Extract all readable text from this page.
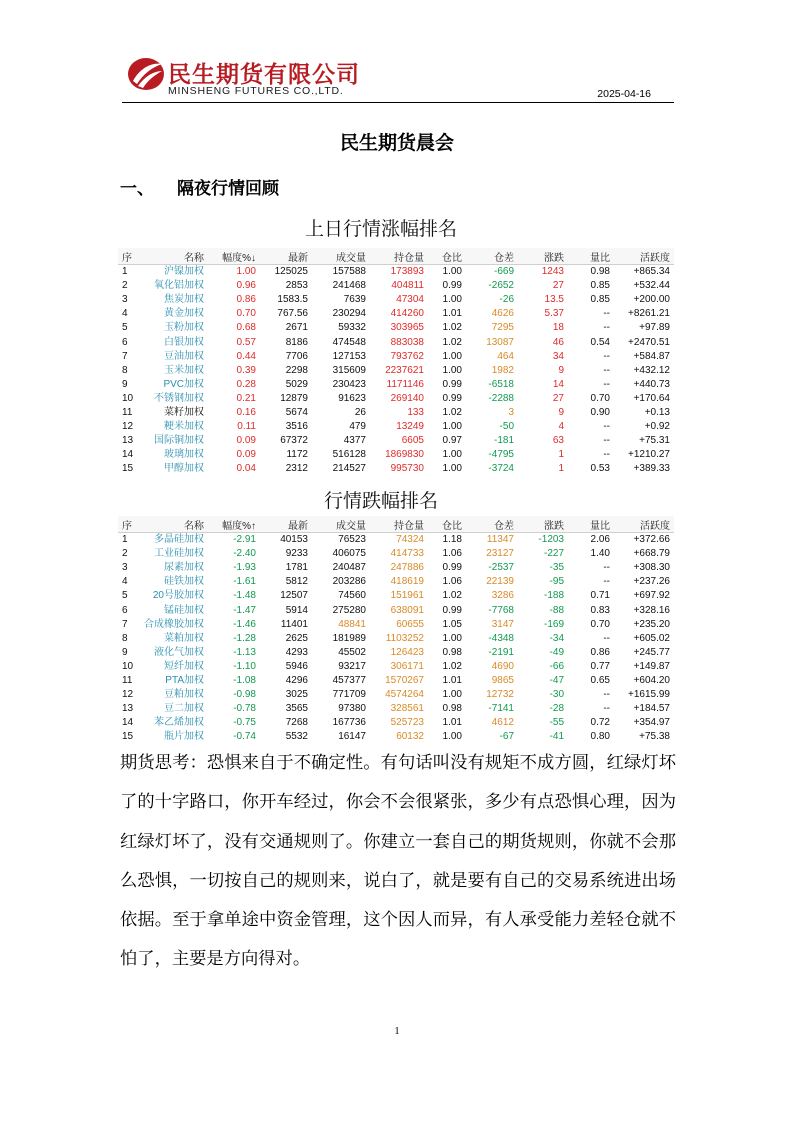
民生期货有限公司
MINSHENG FUTURES CO.,LTD.	2025-04-16
民生期货晨会
一、 隔夜行情回顾
上日行情涨幅排名
序	名称	幅度%↓	最新	成交量	持仓量	仓比	仓差	涨跌	量比	活跃度
1	沪镍加权	1.00	125025	157588	173893	1.00	-669	1243	0.98	+865.34
2	氧化铝加权	0.96	2853	241468	404811	0.99	-2652	27	0.85	+532.44
3	焦炭加权	0.86	1583.5	7639	47304	1.00	-26	13.5	0.85	+200.00
4	黄金加权	0.70	767.56	230294	414260	1.01	4626	5.37	--	+8261.21
5	玉粉加权	0.68	2671	59332	303965	1.02	7295	18	--	+97.89
6	白银加权	0.57	8186	474548	883038	1.02	13087	46	0.54	+2470.51
7	豆油加权	0.44	7706	127153	793762	1.00	464	34	--	+584.87
8	玉米加权	0.39	2298	315609	2237621	1.00	1982	9	--	+432.12
9	PVC加权	0.28	5029	230423	1171146	0.99	-6518	14	--	+440.73
10	不锈钢加权	0.21	12879	91623	269140	0.99	-2288	27	0.70	+170.64
11	菜籽加权	0.16	5674	26	133	1.02	3	9	0.90	+0.13
12	粳米加权	0.11	3516	479	13249	1.00	-50	4	--	+0.92
13	国际铜加权	0.09	67372	4377	6605	0.97	-181	63	--	+75.31
14	玻璃加权	0.09	1172	516128	1869830	1.00	-4795	1	--	+1210.27
15	甲醇加权	0.04	2312	214527	995730	1.00	-3724	1	0.53	+389.33
行情跌幅排名
序	名称	幅度%↑	最新	成交量	持仓量	仓比	仓差	涨跌	量比	活跃度
1	多晶硅加权	-2.91	40153	76523	74324	1.18	11347	-1203	2.06	+372.66
2	工业硅加权	-2.40	9233	406075	414733	1.06	23127	-227	1.40	+668.79
3	尿素加权	-1.93	1781	240487	247886	0.99	-2537	-35	--	+308.30
4	硅铁加权	-1.61	5812	203286	418619	1.06	22139	-95	--	+237.26
5	20号胶加权	-1.48	12507	74560	151961	1.02	3286	-188	0.71	+697.92
6	锰硅加权	-1.47	5914	275280	638091	0.99	-7768	-88	0.83	+328.16
7	合成橡胶加权	-1.46	11401	48841	60655	1.05	3147	-169	0.70	+235.20
8	菜粕加权	-1.28	2625	181989	1103252	1.00	-4348	-34	--	+605.02
9	液化气加权	-1.13	4293	45502	126423	0.98	-2191	-49	0.86	+245.77
10	短纤加权	-1.10	5946	93217	306171	1.02	4690	-66	0.77	+149.87
11	PTA加权	-1.08	4296	457377	1570267	1.01	9865	-47	0.65	+604.20
12	豆粕加权	-0.98	3025	771709	4574264	1.00	12732	-30	--	+1615.99
13	豆二加权	-0.78	3565	97380	328561	0.98	-7141	-28	--	+184.57
14	苯乙烯加权	-0.75	7268	167736	525723	1.01	4612	-55	0.72	+354.97
15	瓶片加权	-0.74	5532	16147	60132	1.00	-67	-41	0.80	+75.38
期货思考：恐惧来自于不确定性。有句话叫没有规矩不成方圆，红绿灯坏了的十字路口，你开车经过，你会不会很紧张，多少有点恐惧心理，因为红绿灯坏了，没有交通规则了。你建立一套自己的期货规则，你就不会那么恐惧，一切按自己的规则来，说白了，就是要有自己的交易系统进出场依据。至于拿单途中资金管理，这个因人而异，有人承受能力差轻仓就不怕了，主要是方向得对。
1
